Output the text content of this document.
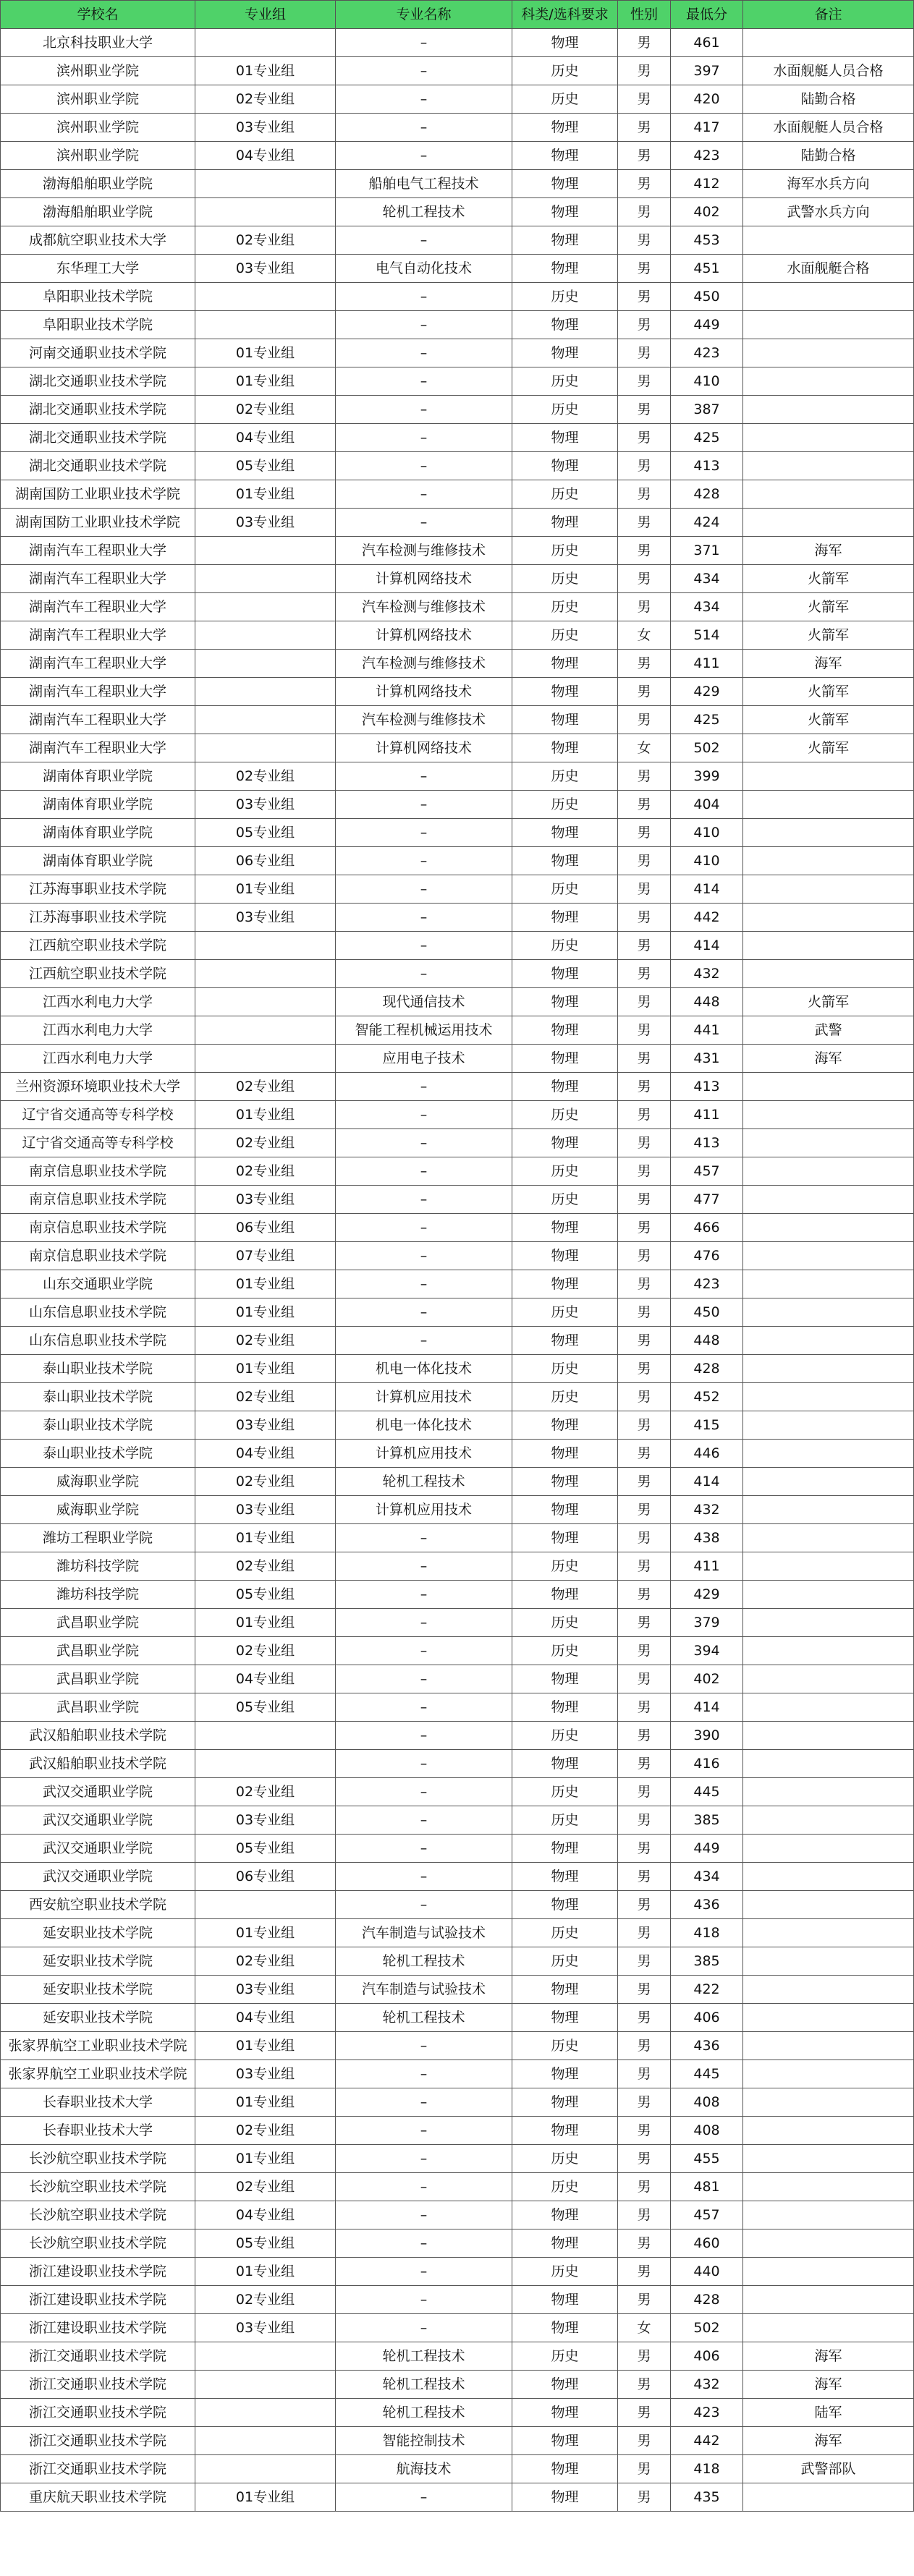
学校名	专业组	专业名称	科类/选科要求	性别	最低分	备注
北京科技职业大学		–	物理	男	461	
滨州职业学院	01专业组	–	历史	男	397	水面舰艇人员合格
滨州职业学院	02专业组	–	历史	男	420	陆勤合格
滨州职业学院	03专业组	–	物理	男	417	水面舰艇人员合格
滨州职业学院	04专业组	–	物理	男	423	陆勤合格
渤海船舶职业学院		船舶电气工程技术	物理	男	412	海军水兵方向
渤海船舶职业学院		轮机工程技术	物理	男	402	武警水兵方向
成都航空职业技术大学	02专业组	–	物理	男	453	
东华理工大学	03专业组	电气自动化技术	物理	男	451	水面舰艇合格
阜阳职业技术学院		–	历史	男	450	
阜阳职业技术学院		–	物理	男	449	
河南交通职业技术学院	01专业组	–	物理	男	423	
湖北交通职业技术学院	01专业组	–	历史	男	410	
湖北交通职业技术学院	02专业组	–	历史	男	387	
湖北交通职业技术学院	04专业组	–	物理	男	425	
湖北交通职业技术学院	05专业组	–	物理	男	413	
湖南国防工业职业技术学院	01专业组	–	历史	男	428	
湖南国防工业职业技术学院	03专业组	–	物理	男	424	
湖南汽车工程职业大学		汽车检测与维修技术	历史	男	371	海军
湖南汽车工程职业大学		计算机网络技术	历史	男	434	火箭军
湖南汽车工程职业大学		汽车检测与维修技术	历史	男	434	火箭军
湖南汽车工程职业大学		计算机网络技术	历史	女	514	火箭军
湖南汽车工程职业大学		汽车检测与维修技术	物理	男	411	海军
湖南汽车工程职业大学		计算机网络技术	物理	男	429	火箭军
湖南汽车工程职业大学		汽车检测与维修技术	物理	男	425	火箭军
湖南汽车工程职业大学		计算机网络技术	物理	女	502	火箭军
湖南体育职业学院	02专业组	–	历史	男	399	
湖南体育职业学院	03专业组	–	历史	男	404	
湖南体育职业学院	05专业组	–	物理	男	410	
湖南体育职业学院	06专业组	–	物理	男	410	
江苏海事职业技术学院	01专业组	–	历史	男	414	
江苏海事职业技术学院	03专业组	–	物理	男	442	
江西航空职业技术学院		–	历史	男	414	
江西航空职业技术学院		–	物理	男	432	
江西水利电力大学		现代通信技术	物理	男	448	火箭军
江西水利电力大学		智能工程机械运用技术	物理	男	441	武警
江西水利电力大学		应用电子技术	物理	男	431	海军
兰州资源环境职业技术大学	02专业组	–	物理	男	413	
辽宁省交通高等专科学校	01专业组	–	历史	男	411	
辽宁省交通高等专科学校	02专业组	–	物理	男	413	
南京信息职业技术学院	02专业组	–	历史	男	457	
南京信息职业技术学院	03专业组	–	历史	男	477	
南京信息职业技术学院	06专业组	–	物理	男	466	
南京信息职业技术学院	07专业组	–	物理	男	476	
山东交通职业学院	01专业组	–	物理	男	423	
山东信息职业技术学院	01专业组	–	历史	男	450	
山东信息职业技术学院	02专业组	–	物理	男	448	
泰山职业技术学院	01专业组	机电一体化技术	历史	男	428	
泰山职业技术学院	02专业组	计算机应用技术	历史	男	452	
泰山职业技术学院	03专业组	机电一体化技术	物理	男	415	
泰山职业技术学院	04专业组	计算机应用技术	物理	男	446	
威海职业学院	02专业组	轮机工程技术	物理	男	414	
威海职业学院	03专业组	计算机应用技术	物理	男	432	
潍坊工程职业学院	01专业组	–	物理	男	438	
潍坊科技学院	02专业组	–	历史	男	411	
潍坊科技学院	05专业组	–	物理	男	429	
武昌职业学院	01专业组	–	历史	男	379	
武昌职业学院	02专业组	–	历史	男	394	
武昌职业学院	04专业组	–	物理	男	402	
武昌职业学院	05专业组	–	物理	男	414	
武汉船舶职业技术学院		–	历史	男	390	
武汉船舶职业技术学院		–	物理	男	416	
武汉交通职业学院	02专业组	–	历史	男	445	
武汉交通职业学院	03专业组	–	历史	男	385	
武汉交通职业学院	05专业组	–	物理	男	449	
武汉交通职业学院	06专业组	–	物理	男	434	
西安航空职业技术学院		–	物理	男	436	
延安职业技术学院	01专业组	汽车制造与试验技术	历史	男	418	
延安职业技术学院	02专业组	轮机工程技术	历史	男	385	
延安职业技术学院	03专业组	汽车制造与试验技术	物理	男	422	
延安职业技术学院	04专业组	轮机工程技术	物理	男	406	
张家界航空工业职业技术学院	01专业组	–	历史	男	436	
张家界航空工业职业技术学院	03专业组	–	物理	男	445	
长春职业技术大学	01专业组	–	物理	男	408	
长春职业技术大学	02专业组	–	物理	男	408	
长沙航空职业技术学院	01专业组	–	历史	男	455	
长沙航空职业技术学院	02专业组	–	历史	男	481	
长沙航空职业技术学院	04专业组	–	物理	男	457	
长沙航空职业技术学院	05专业组	–	物理	男	460	
浙江建设职业技术学院	01专业组	–	历史	男	440	
浙江建设职业技术学院	02专业组	–	物理	男	428	
浙江建设职业技术学院	03专业组	–	物理	女	502	
浙江交通职业技术学院		轮机工程技术	历史	男	406	海军
浙江交通职业技术学院		轮机工程技术	物理	男	432	海军
浙江交通职业技术学院		轮机工程技术	物理	男	423	陆军
浙江交通职业技术学院		智能控制技术	物理	男	442	海军
浙江交通职业技术学院		航海技术	物理	男	418	武警部队
重庆航天职业技术学院	01专业组	–	物理	男	435	
